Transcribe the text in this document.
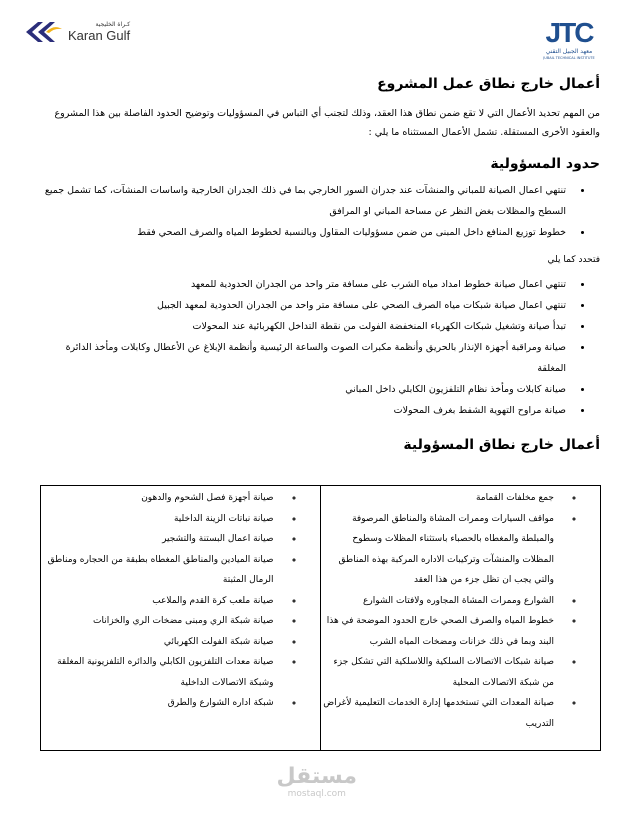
JTC
معهد الجبيل التقني
JUBAIL TECHNICAL INSTITUTE
كـراة الخليجية
Karan Gulf
أعمال خارج نطاق عمل المشروع

من المهم تحديد الأعمال التي لا تقع ضمن نطاق هذا العقد، وذلك لتجنب أي التباس في المسؤوليات وتوضيح الحدود الفاصلة بين هذا المشروع والعقود الأخرى المستقلة. تشمل الأعمال المستثناه ما يلي :

حدود المسؤولية
• تنتهي اعمال الصيانة للمباني والمنشآت عند جدران السور الخارجي بما في ذلك الجدران الخارجية واساسات المنشآت، كما تشمل جميع السطح والمظلات بغض النظر عن مساحة المباني او المرافق
• خطوط توزيع المنافع داخل المبنى من ضمن مسؤوليات المقاول وبالنسبة لخطوط المياه والصرف الصحي فقط

فتحدد كما يلي

• تنتهي اعمال صيانة خطوط امداد مياه الشرب على مسافة متر واحد من الجدران الحدودية للمعهد
• تنتهي اعمال صيانة شبكات مياه الصرف الصحي على مسافة متر واحد من الجدران الحدودية لمعهد الجبيل
• تبدأ صيانة وتشغيل شبكات الكهرباء المنخفضة الفولت من نقطة التداخل الكهربائية عند المحولات
• صيانة ومراقبة أجهزة الإنذار بالحريق وأنظمة مكبرات الصوت والساعة الرئيسية وأنظمة الإبلاغ عن الأعطال وكابلات ومأخذ الدائرة المغلقة
• صيانة كابلات ومأخذ نظام التلفزيون الكابلي داخل المباني
• صيانة مراوح التهوية الشفط بغرف المحولات
أعمال خارج نطاق المسؤولية
◦ جمع مخلفات القمامة
◦ مواقف السيارات وممرات المشاة والمناطق المرصوفة والمبلطة والمغطاه بالحصباء باستثناء المظلات وسطوح المظلات والمنشآت وتركيبات الاداره المركبة بهذه المناطق والتي يجب ان تظل جزء من هذا العقد
◦ الشوارع وممرات المشاة المجاوره ولافتات الشوارع
◦ خطوط المياه والصرف الصحي خارج الحدود الموضحة في هذا البند وبما في ذلك خزانات ومضخات المياه الشرب
◦ صيانة شبكات الاتصالات السلكية واللاسلكية التي تشكل جزء من شبكة الاتصالات المحلية
◦ صيانة المعدات التي تستخدمها إدارة الخدمات التعليمية لأغراض التدريب
◦ صيانة أجهزة فصل الشحوم والدهون
◦ صيانة نباتات الزينة الداخلية
◦ صيانة اعمال البستنة والتشجير
◦ صيانة الميادين والمناطق المغطاه بطبقة من الحجاره ومناطق الرمال المثبتة
◦ صيانة ملعب كرة القدم والملاعب
◦ صيانة شبكة الري ومبنى مضخات الري والخزانات
◦ صيانة شبكة الفولت الكهربائي
◦ صيانة معدات التلفزيون الكابلي والدائره التلفزيونية المغلقة وشبكة الاتصالات الداخلية
◦ شبكة اداره الشوارع والطرق
مستقل
mostaql.com
